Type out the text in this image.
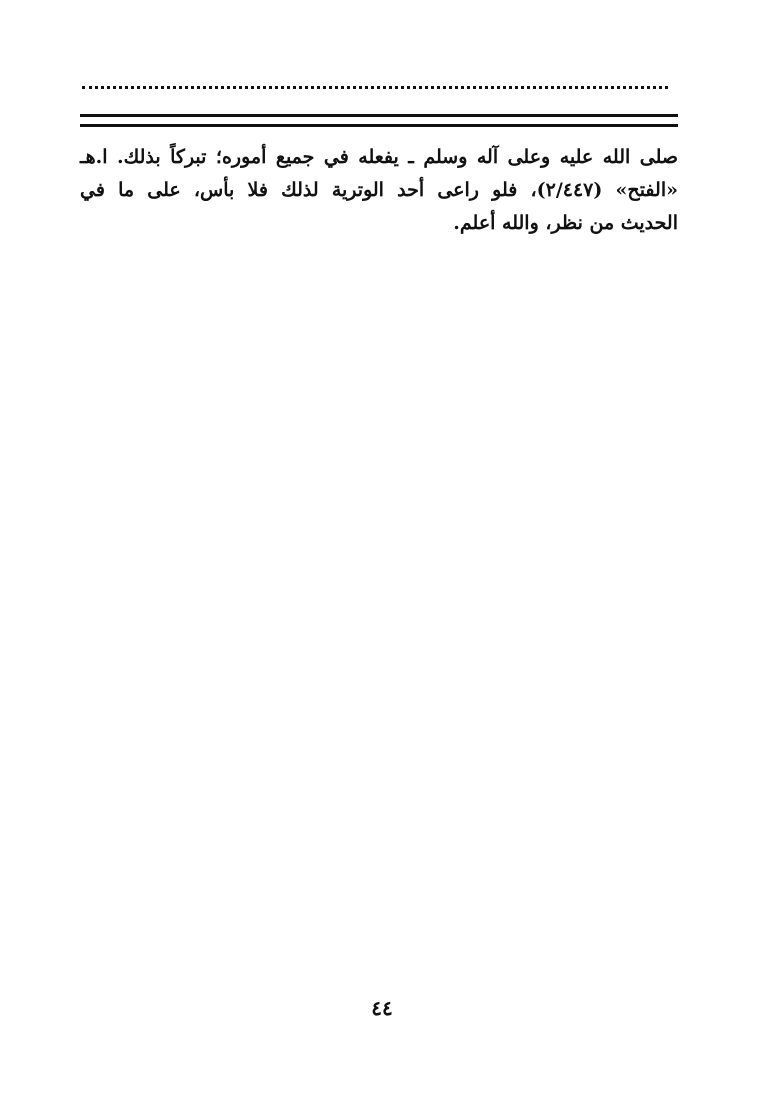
صلى الله عليه وعلى آله وسلم ـ يفعله في جميع أموره؛ تبركاً بذلك. ا.هـ
«الفتح» (٢/٤٤٧)، فلو راعى أحد الوترية لذلك فلا بأس، على ما في
الحديث من نظر، والله أعلم.
٤٤
